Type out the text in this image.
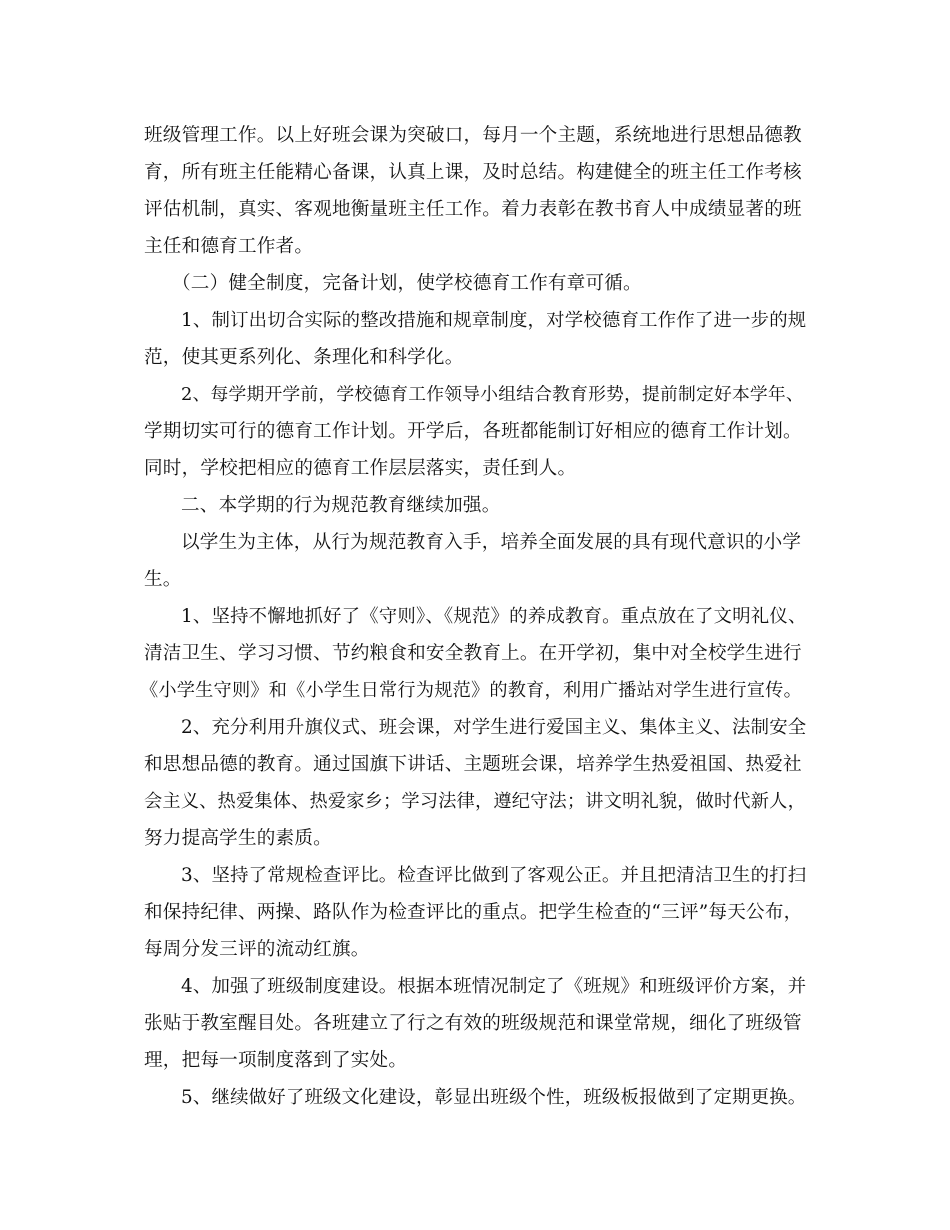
班级管理工作。以上好班会课为突破口，每月一个主题，系统地进行思想品德教
育，所有班主任能精心备课，认真上课，及时总结。构建健全的班主任工作考核
评估机制，真实、客观地衡量班主任工作。着力表彰在教书育人中成绩显著的班
主任和德育工作者。
（二）健全制度，完备计划，使学校德育工作有章可循。
1、制订出切合实际的整改措施和规章制度，对学校德育工作作了进一步的规
范，使其更系列化、条理化和科学化。
2、每学期开学前，学校德育工作领导小组结合教育形势，提前制定好本学年、
学期切实可行的德育工作计划。开学后，各班都能制订好相应的德育工作计划。
同时，学校把相应的德育工作层层落实，责任到人。
二、本学期的行为规范教育继续加强。
以学生为主体，从行为规范教育入手，培养全面发展的具有现代意识的小学
生。
1、坚持不懈地抓好了《守则》、《规范》的养成教育。重点放在了文明礼仪、
清洁卫生、学习习惯、节约粮食和安全教育上。在开学初，集中对全校学生进行
《小学生守则》和《小学生日常行为规范》的教育，利用广播站对学生进行宣传。
2、充分利用升旗仪式、班会课，对学生进行爱国主义、集体主义、法制安全
和思想品德的教育。通过国旗下讲话、主题班会课，培养学生热爱祖国、热爱社
会主义、热爱集体、热爱家乡；学习法律，遵纪守法；讲文明礼貌，做时代新人，
努力提高学生的素质。
3、坚持了常规检查评比。检查评比做到了客观公正。并且把清洁卫生的打扫
和保持纪律、两操、路队作为检查评比的重点。把学生检查的“三评”每天公布，
每周分发三评的流动红旗。
4、加强了班级制度建设。根据本班情况制定了《班规》和班级评价方案，并
张贴于教室醒目处。各班建立了行之有效的班级规范和课堂常规，细化了班级管
理，把每一项制度落到了实处。
5、继续做好了班级文化建设，彰显出班级个性，班级板报做到了定期更换。
